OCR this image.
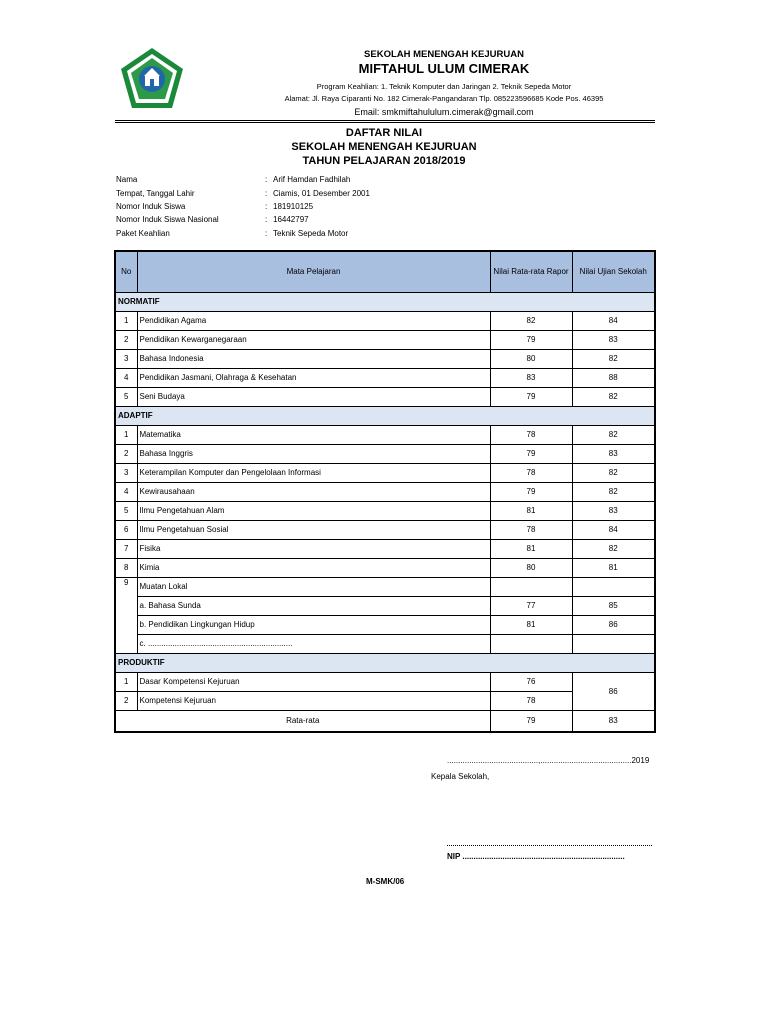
SEKOLAH MENENGAH KEJURUAN
MIFTAHUL ULUM CIMERAK
Program Keahlian: 1. Teknik Komputer dan Jaringan 2. Teknik Sepeda Motor
Alamat: Jl. Raya Ciparanti No. 182 Cimerak-Pangandaran Tlp. 085223596685 Kode Pos. 46395
Email: smkmiftahululum.cimerak@gmail.com
DAFTAR NILAI
SEKOLAH MENENGAH KEJURUAN
TAHUN PELAJARAN 2018/2019
Nama	: Arif Hamdan Fadhilah
Tempat, Tanggal Lahir	: Ciamis, 01 Desember 2001
Nomor Induk Siswa	: 181910125
Nomor Induk Siswa Nasional	: 16442797
Paket Keahlian	: Teknik Sepeda Motor
No	Mata Pelajaran	Nilai Rata-rata Rapor	Nilai Ujian Sekolah
NORMATIF			
1	Pendidikan Agama	82	84
2	Pendidikan Kewarganegaraan	79	83
3	Bahasa Indonesia	80	82
4	Pendidikan Jasmani, Olahraga & Kesehatan	83	88
5	Seni Budaya	79	82
ADAPTIF			
1	Matematika	78	82
2	Bahasa Inggris	79	83
3	Keterampilan Komputer dan Pengelolaan Informasi	78	82
4	Kewirausahaan	79	82
5	Ilmu Pengetahuan Alam	81	83
6	Ilmu Pengetahuan Sosial	78	84
7	Fisika	81	82
8	Kimia	80	81
9	Muatan Lokal		
	a. Bahasa Sunda	77	85
	b. Pendidikan Lingkungan Hidup	81	86
	c. .................................................................		
PRODUKTIF			
1	Dasar Kompetensi Kejuruan	76	86
2	Kompetensi Kejuruan	78	
Rata-rata		79	83
.........................................,.........................................2019
Kepala Sekolah,
NIP .........................................................................
M-SMK/06
